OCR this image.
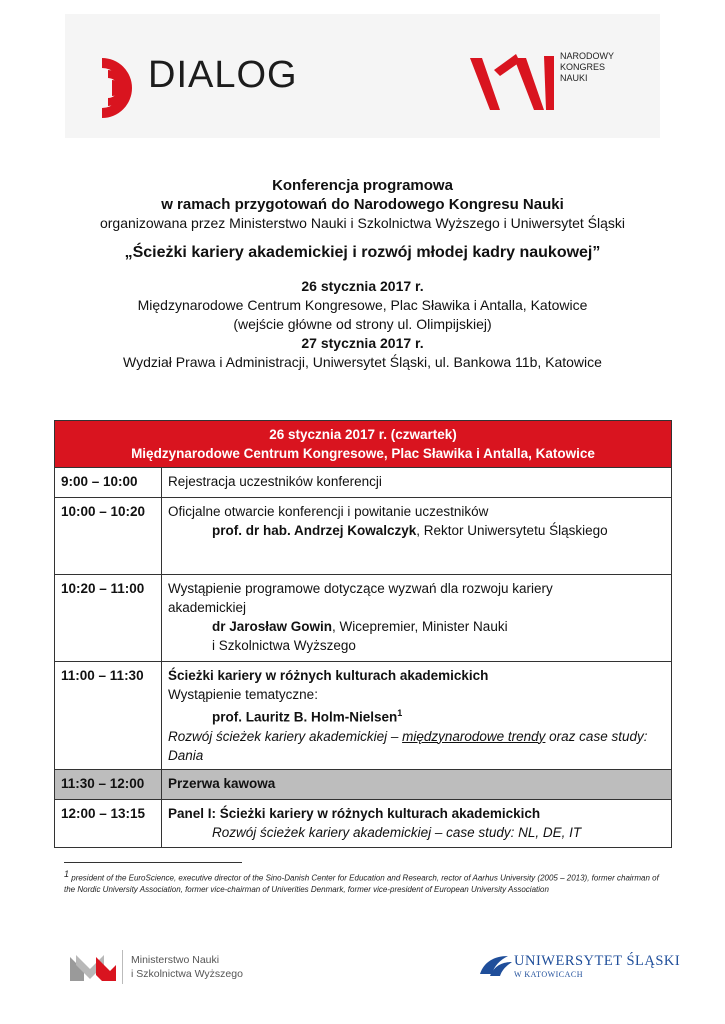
DIALOG	NARODOWY
KONGRES
NAUKI
Konferencja programowa
w ramach przygotowań do Narodowego Kongresu Nauki
organizowana przez Ministerstwo Nauki i Szkolnictwa Wyższego i Uniwersytet Śląski
„Ścieżki kariery akademickiej i rozwój młodej kadry naukowej”
26 stycznia 2017 r.
Międzynarodowe Centrum Kongresowe, Plac Sławika i Antalla, Katowice
(wejście główne od strony ul. Olimpijskiej)
27 stycznia 2017 r.
Wydział Prawa i Administracji, Uniwersytet Śląski, ul. Bankowa 11b, Katowice
26 stycznia 2017 r. (czwartek)
Międzynarodowe Centrum Kongresowe, Plac Sławika i Antalla, Katowice	

9:00 – 10:00	Rejestracja uczestników konferencji
10:00 – 10:20	Oficjalne otwarcie konferencji i powitanie uczestników
prof. dr hab. Andrzej Kowalczyk, Rektor Uniwersytetu Śląskiego

10:20 – 11:00	Wystąpienie programowe dotyczące wyzwań dla rozwoju kariery akademickiej
dr Jarosław Gowin, Wicepremier, Minister Nauki
i Szkolnictwa Wyższego

11:00 – 11:30	Ścieżki kariery w różnych kulturach akademickich
Wystąpienie tematyczne:
prof. Lauritz B. Holm-Nielsen$^1$
Rozwój ścieżek kariery akademickiej – międzynarodowe trendy oraz case study: Dania

11:30 – 12:00	Przerwa kawowa
12:00 – 13:15	Panel I: Ścieżki kariery w różnych kulturach akademickich
Rozwój ścieżek kariery akademickiej – case study: NL, DE, IT
$^1$ president of the EuroScience, executive director of the Sino-Danish Center for Education and Research, rector of Aarhus University (2005 – 2013), former chairman of the Nordic University Association, former vice-chairman of Univerities Denmark, former vice-president of European University Association
Ministerstwo Nauki
i Szkolnictwa Wyższego
UNIWERSYTET ŚLĄSKI
W KATOWICACH
